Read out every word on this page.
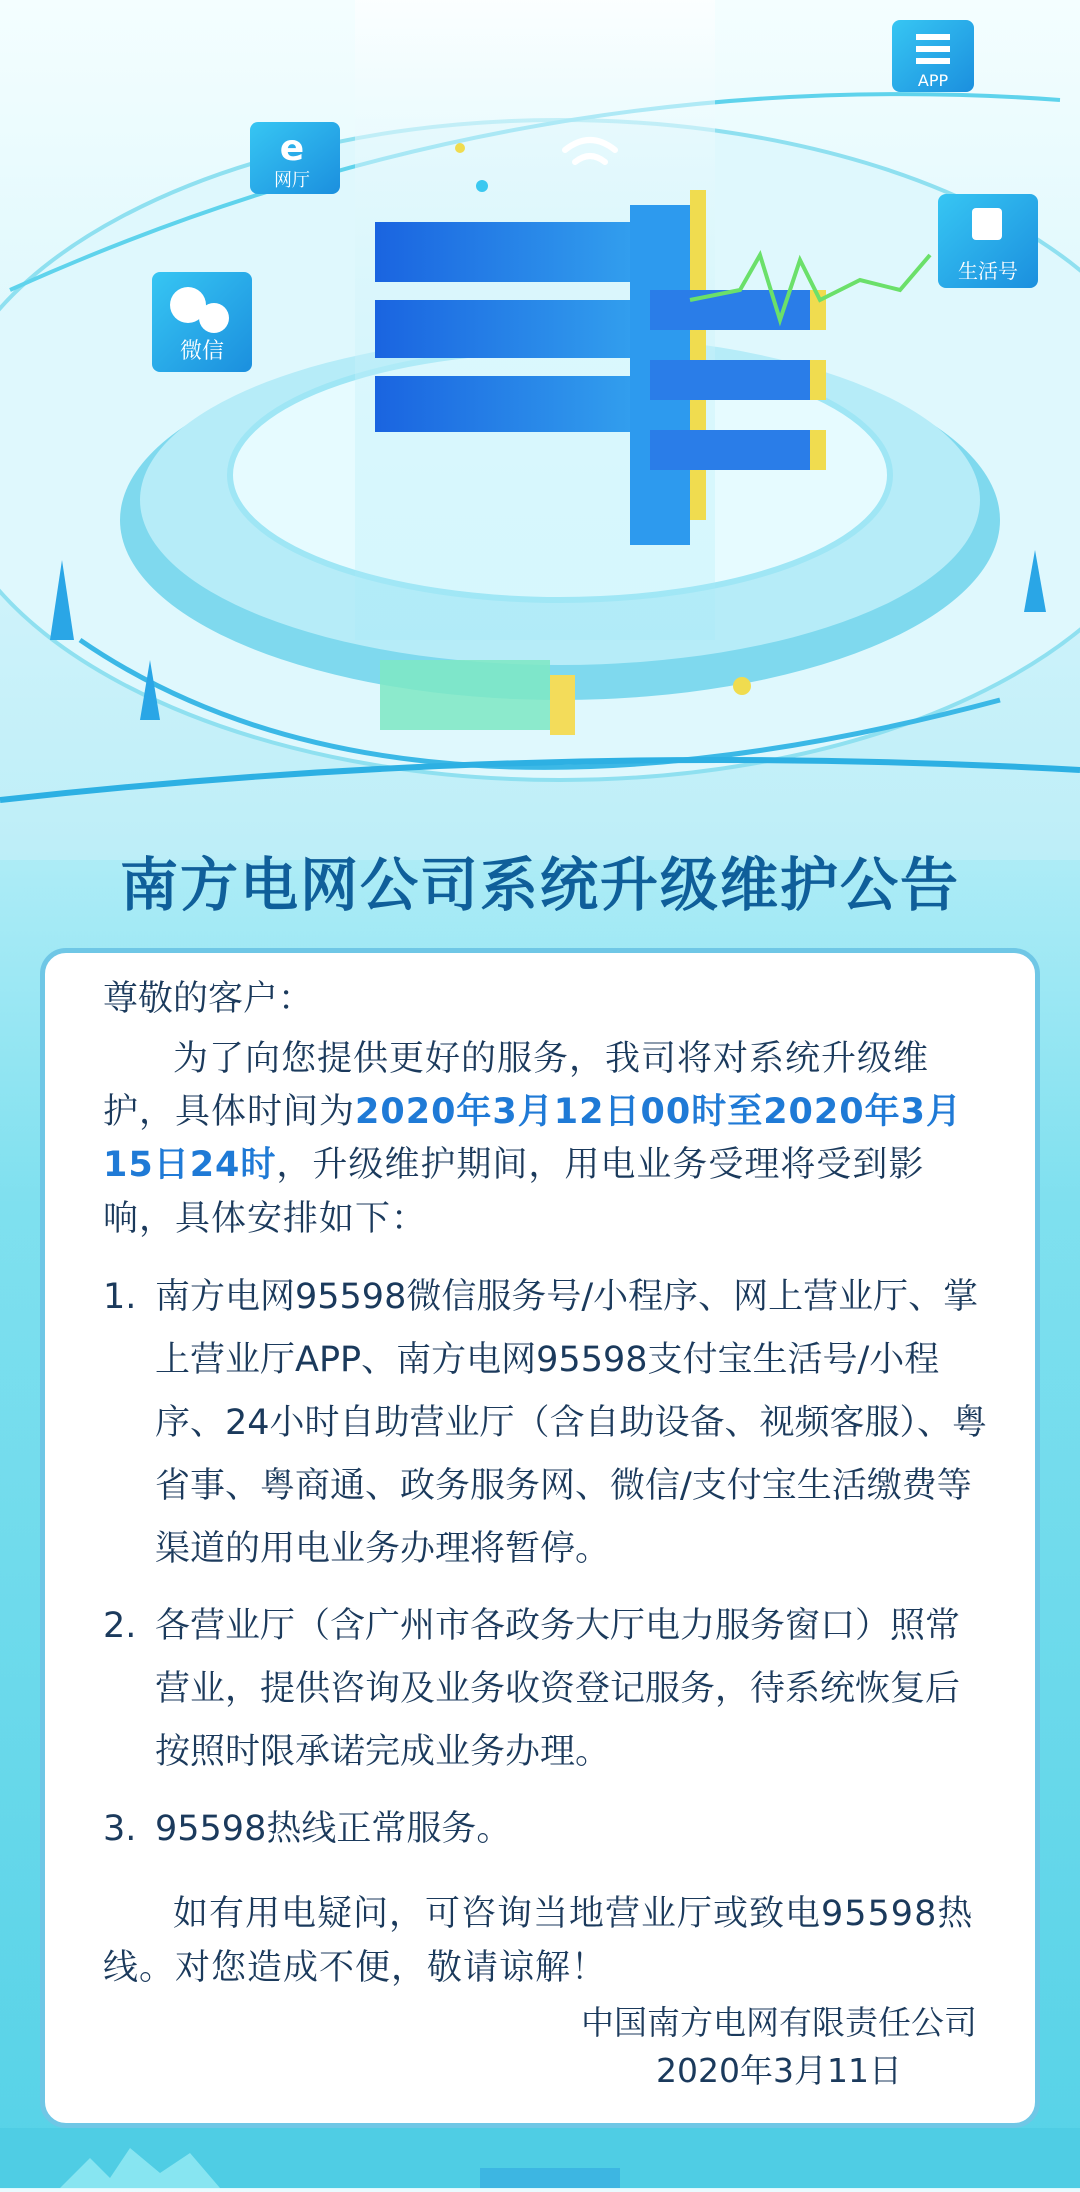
微信
e
网厅
APP
生活号
南方电网公司系统升级维护公告
尊敬的客户：
为了向您提供更好的服务，我司将对系统升级维护，具体时间为2020年3月12日00时至2020年3月15日24时，升级维护期间，用电业务受理将受到影响，具体安排如下：
1. 南方电网95598微信服务号/小程序、网上营业厅、掌上营业厅APP、南方电网95598支付宝生活号/小程序、24小时自助营业厅（含自助设备、视频客服）、粤省事、粤商通、政务服务网、微信/支付宝生活缴费等渠道的用电业务办理将暂停。
2. 各营业厅（含广州市各政务大厅电力服务窗口）照常营业，提供咨询及业务收资登记服务，待系统恢复后按照时限承诺完成业务办理。
3. 95598热线正常服务。
如有用电疑问，可咨询当地营业厅或致电95598热线。对您造成不便，敬请谅解！
中国南方电网有限责任公司
2020年3月11日
